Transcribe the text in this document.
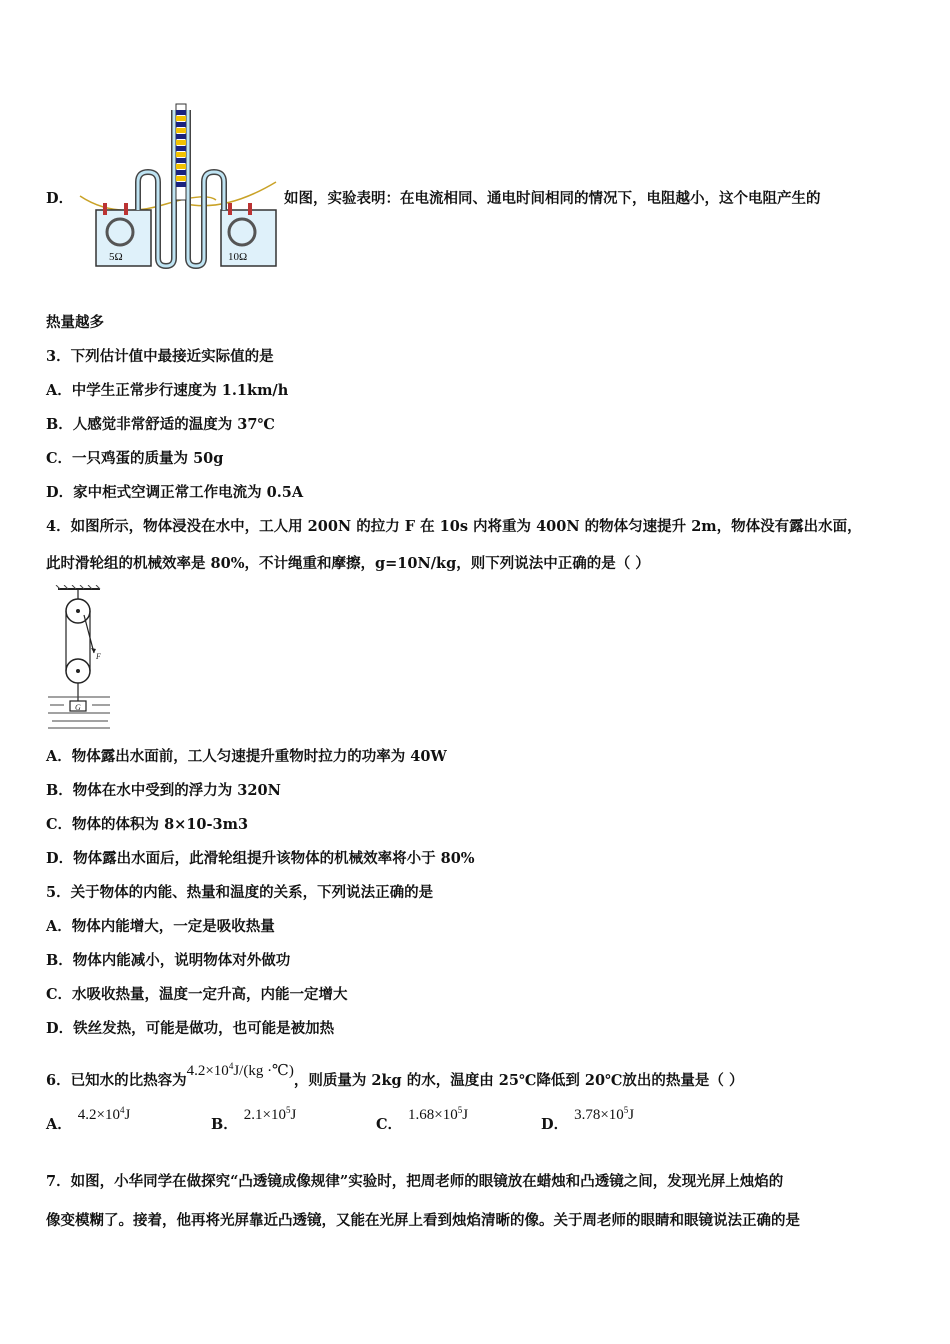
D．
5Ω	10Ω
如图，实验表明：在电流相同、通电时间相同的情况下，电阻越小，这个电阻产生的
热量越多
3．下列估计值中最接近实际值的是
A．中学生正常步行速度为 1.1km/h
B．人感觉非常舒适的温度为 37℃
C．一只鸡蛋的质量为 50g
D．家中柜式空调正常工作电流为 0.5A
4．如图所示，物体浸没在水中，工人用 200N 的拉力 F 在 10s 内将重为 400N 的物体匀速提升 2m，物体没有露出水面，
此时滑轮组的机械效率是 80%，不计绳重和摩擦，g=10N/kg，则下列说法中正确的是（ ）
F
G
A．物体露出水面前，工人匀速提升重物时拉力的功率为 40W
B．物体在水中受到的浮力为 320N
C．物体的体积为 8×10-3m3
D．物体露出水面后，此滑轮组提升该物体的机械效率将小于 80%
5．关于物体的内能、热量和温度的关系，下列说法正确的是
A．物体内能增大，一定是吸收热量
B．物体内能减小，说明物体对外做功
C．水吸收热量，温度一定升高，内能一定增大
D．铁丝发热，可能是做功，也可能是被加热
6．已知水的比热容为$4.2\times 10^4J/(kg$ ·℃)，则质量为 2kg 的水，温度由 25℃降低到 20℃放出的热量是（ ）
A．$4.2\times 10^4J$
B．$2.1\times 10^5J$
C．$1.68\times 10^5J$
D．$3.78\times 10^5J$
7．如图，小华同学在做探究“凸透镜成像规律”实验时，把周老师的眼镜放在蜡烛和凸透镜之间，发现光屏上烛焰的
像变模糊了。接着，他再将光屏靠近凸透镜，又能在光屏上看到烛焰清晰的像。关于周老师的眼睛和眼镜说法正确的是
